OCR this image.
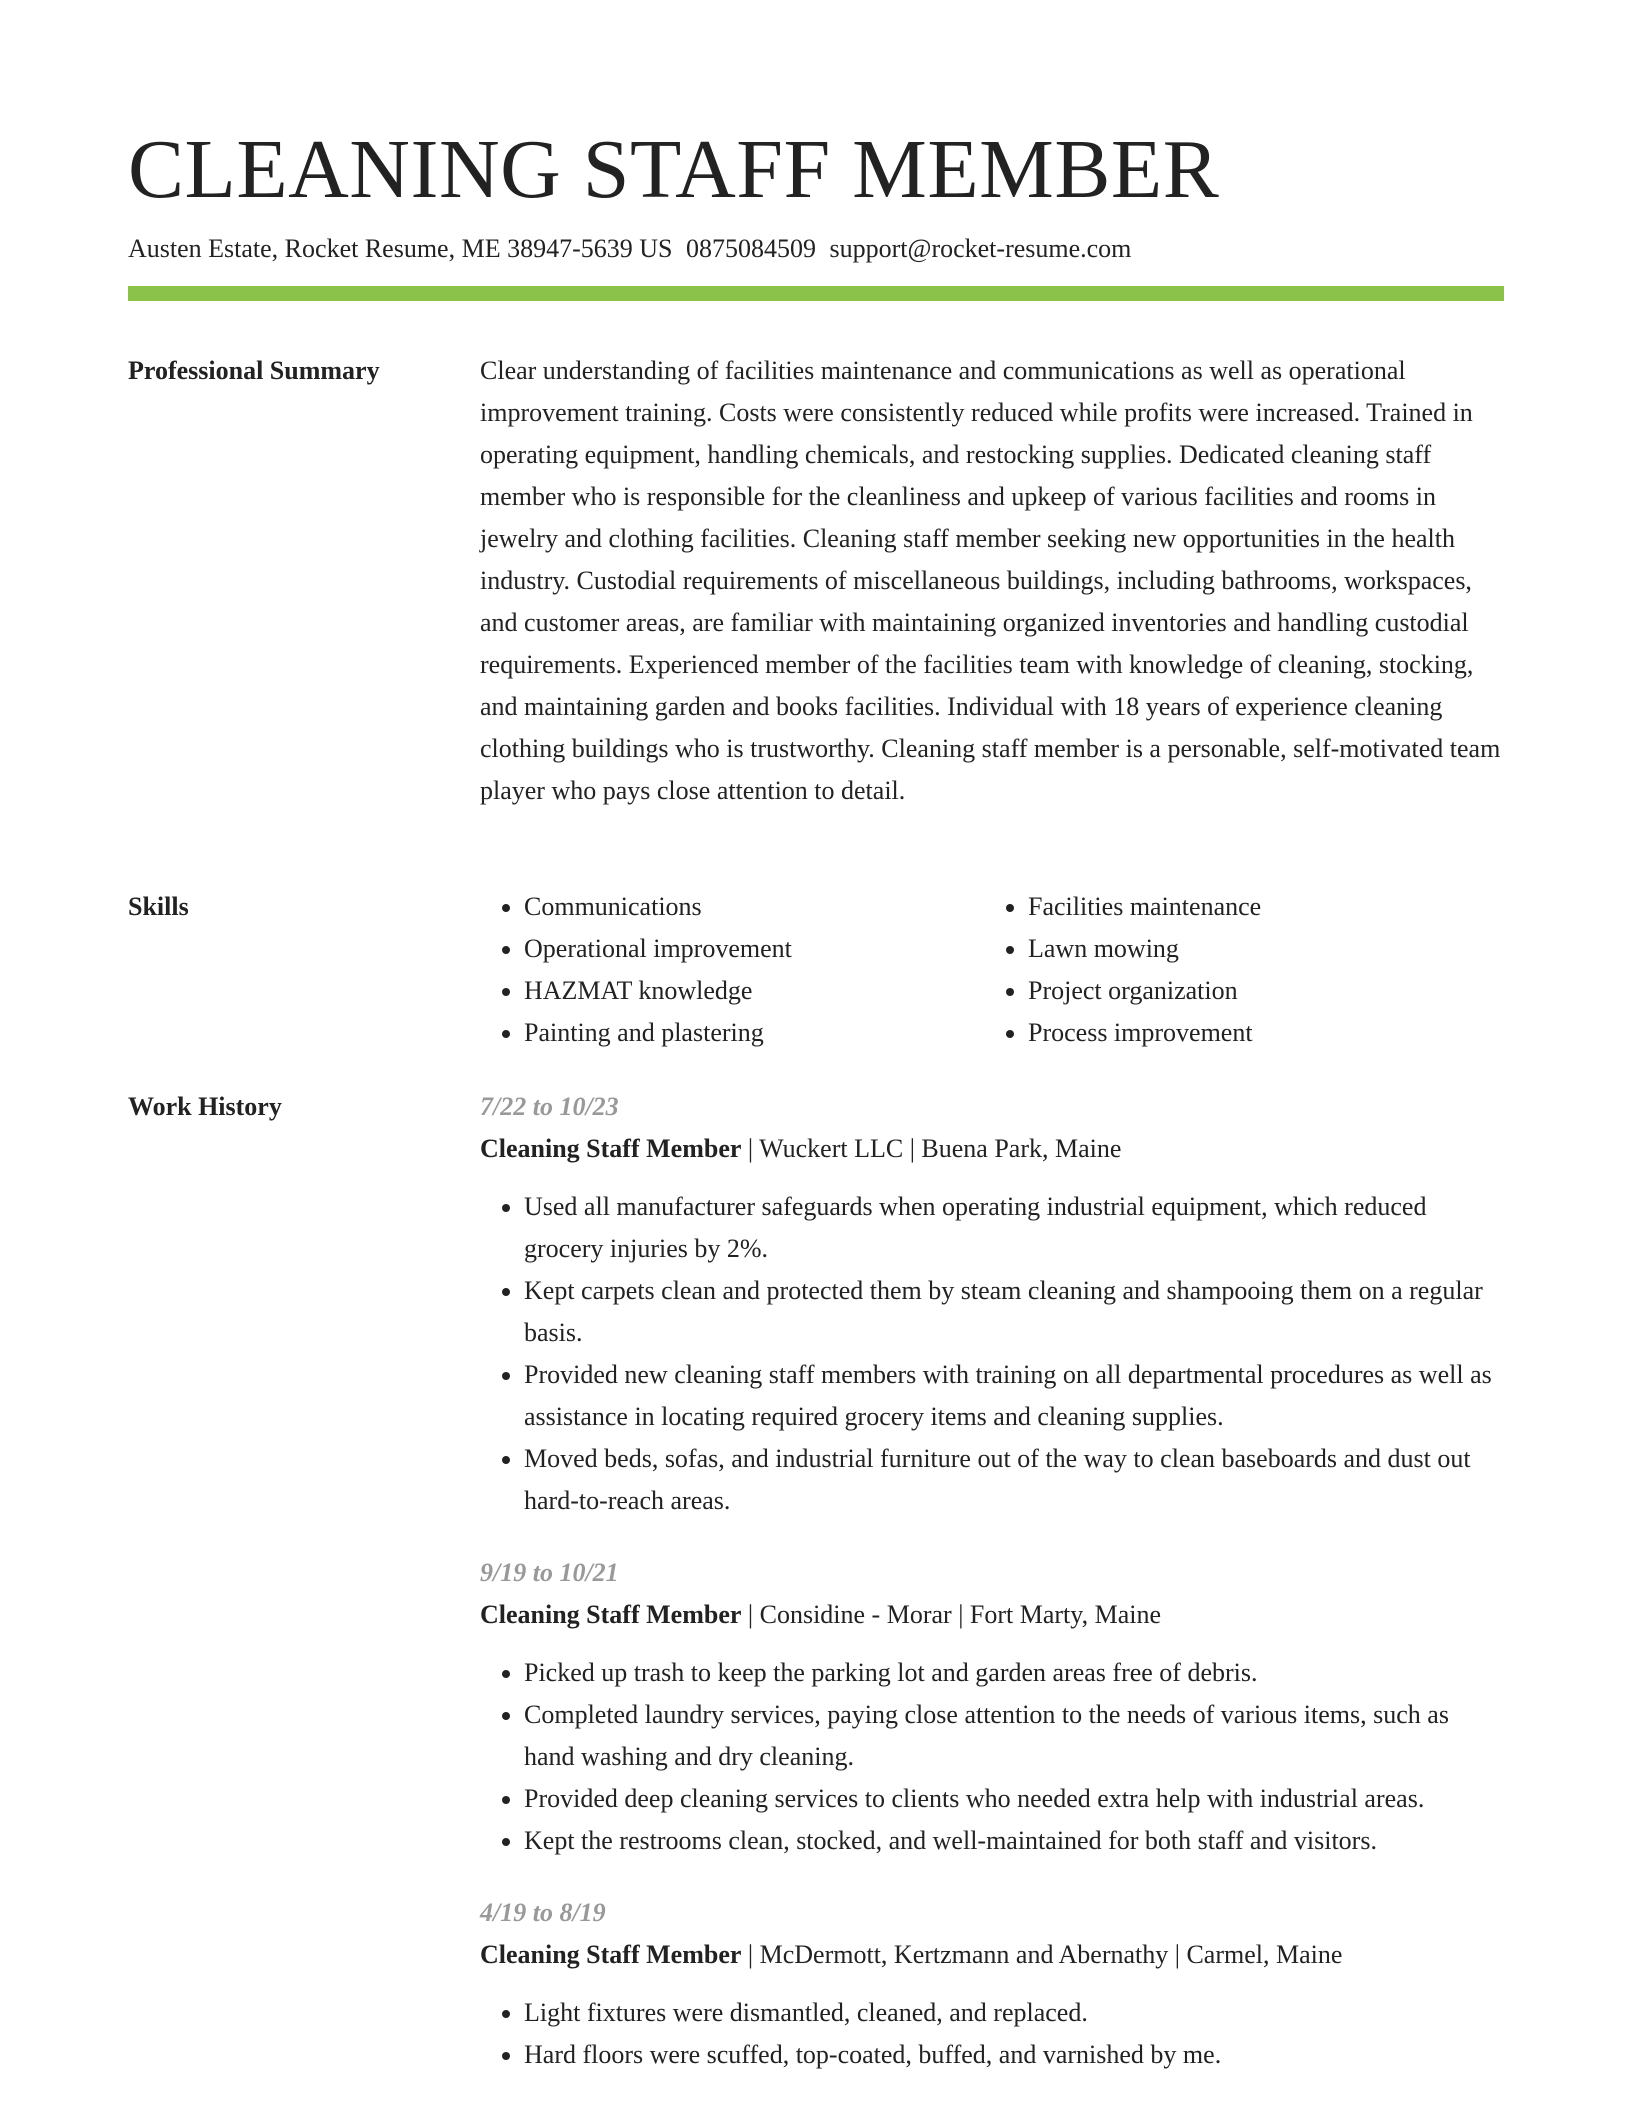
CLEANING STAFF MEMBER
Austen Estate, Rocket Resume, ME 38947-5639 US 0875084509 support@rocket-resume.com
Professional Summary	Clear understanding of facilities maintenance and communications as well as operational improvement training. Costs were consistently reduced while profits were increased. Trained in operating equipment, handling chemicals, and restocking supplies. Dedicated cleaning staff member who is responsible for the cleanliness and upkeep of various facilities and rooms in jewelry and clothing facilities. Cleaning staff member seeking new opportunities in the health industry. Custodial requirements of miscellaneous buildings, including bathrooms, workspaces, and customer areas, are familiar with maintaining organized inventories and handling custodial requirements. Experienced member of the facilities team with knowledge of cleaning, stocking, and maintaining garden and books facilities. Individual with 18 years of experience cleaning clothing buildings who is trustworthy. Cleaning staff member is a personable, self-motivated team player who pays close attention to detail.

Skills
•	Communications
• Operational improvement
• HAZMAT knowledge
• Painting and plastering
• Facilities maintenance
• Lawn mowing
• Project organization
• Process improvement
Work History	7/22 to 10/23
Cleaning Staff Member | Wuckert LLC | Buena Park, Maine
• Used all manufacturer safeguards when operating industrial equipment, which reduced grocery injuries by 2%.
• Kept carpets clean and protected them by steam cleaning and shampooing them on a regular basis.
• Provided new cleaning staff members with training on all departmental procedures as well as assistance in locating required grocery items and cleaning supplies.
• Moved beds, sofas, and industrial furniture out of the way to clean baseboards and dust out hard-to-reach areas.
9/19 to 10/21
Cleaning Staff Member | Considine - Morar | Fort Marty, Maine
• Picked up trash to keep the parking lot and garden areas free of debris.
• Completed laundry services, paying close attention to the needs of various items, such as hand washing and dry cleaning.
• Provided deep cleaning services to clients who needed extra help with industrial areas.
• Kept the restrooms clean, stocked, and well-maintained for both staff and visitors.
4/19 to 8/19
Cleaning Staff Member | McDermott, Kertzmann and Abernathy | Carmel, Maine
• Light fixtures were dismantled, cleaned, and replaced.
• Hard floors were scuffed, top-coated, buffed, and varnished by me.
